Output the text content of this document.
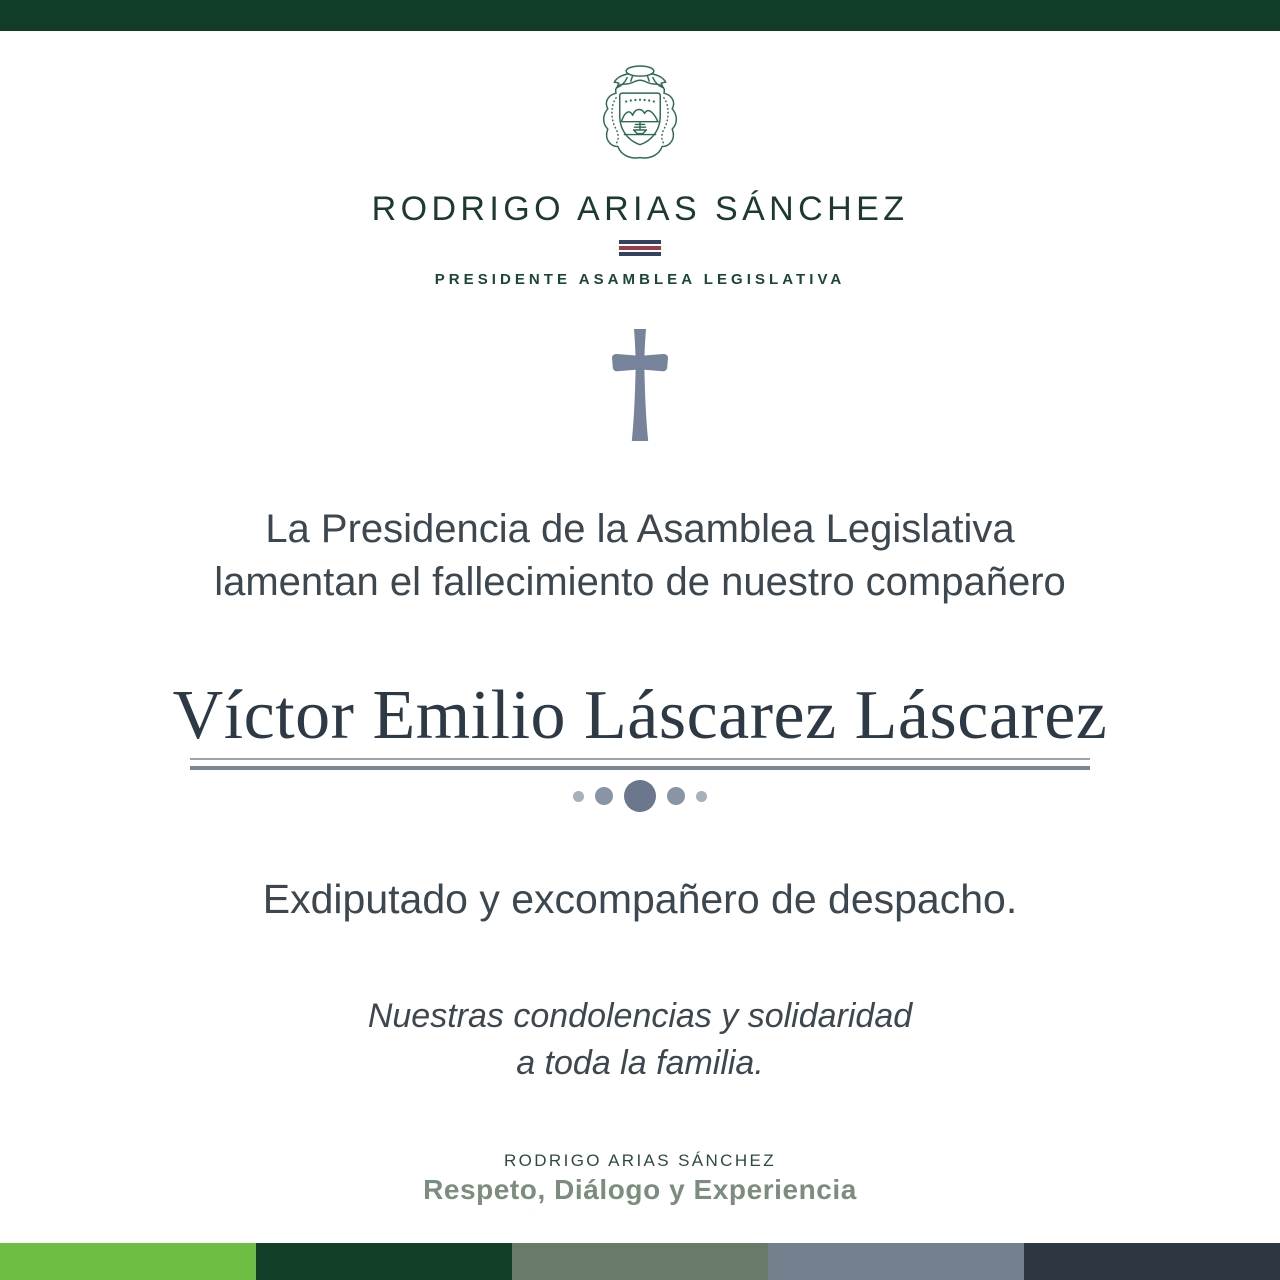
RODRIGO ARIAS SÁNCHEZ
PRESIDENTE ASAMBLEA LEGISLATIVA
La Presidencia de la Asamblea Legislativa
lamentan el fallecimiento de nuestro compañero
Víctor Emilio Láscarez Láscarez
Exdiputado y excompañero de despacho.
Nuestras condolencias y solidaridad
a toda la familia.
RODRIGO ARIAS SÁNCHEZ
Respeto, Diálogo y Experiencia
